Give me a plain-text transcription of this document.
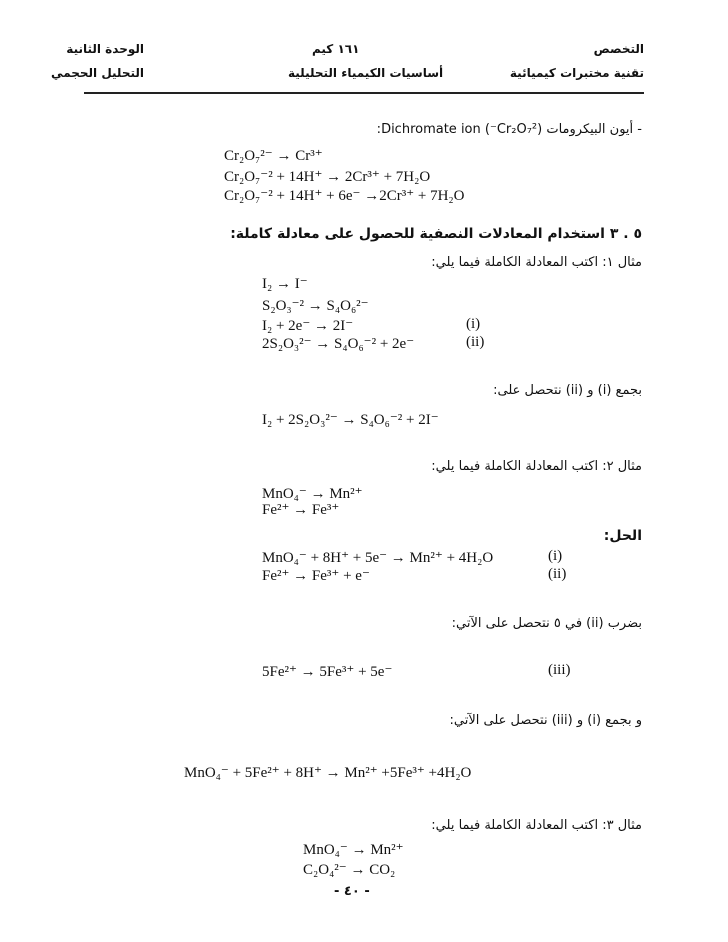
الوحدة الثانية	١٦١ كيم	التخصص
التحليل الحجمي	أساسيات الكيمياء التحليلية	تقنية مختبرات كيميائية
- أيون البيكرومات (Cr₂O₇²⁻) Dichromate ion:
Cr₂O₇²⁻ → Cr³⁺
Cr₂O₇⁻² + 14H⁺ → 2Cr³⁺ + 7H₂O
Cr₂O₇⁻² + 14H⁺ + 6e⁻ →2Cr³⁺ + 7H₂O
٥ . ٣ استخدام المعادلات النصفية للحصول على معادلة كاملة:
مثال ١: اكتب المعادلة الكاملة فيما يلي:
I₂ → I⁻
S₂O₃⁻² → S₄O₆²⁻
I₂ + 2e⁻ → 2I⁻	(i)
2S₂O₃²⁻ → S₄O₆⁻² + 2e⁻	(ii)
بجمع (i) و (ii) نتحصل على:
I₂ + 2S₂O₃²⁻ → S₄O₆⁻² + 2I⁻
مثال ٢: اكتب المعادلة الكاملة فيما يلي:
MnO₄⁻ → Mn²⁺
Fe²⁺ → Fe³⁺
الحل:
MnO₄⁻ + 8H⁺ + 5e⁻ → Mn²⁺ + 4H₂O	(i)
Fe²⁺ → Fe³⁺ + e⁻	(ii)
بضرب (ii) في ٥ نتحصل على الآتي:
5Fe²⁺ → 5Fe³⁺ + 5e⁻	(iii)
و بجمع (i) و (iii) نتحصل على الآتي:
MnO₄⁻ + 5Fe²⁺ + 8H⁺ → Mn²⁺ +5Fe³⁺ +4H₂O
مثال ٣: اكتب المعادلة الكاملة فيما يلي:
MnO₄⁻ → Mn²⁺
C₂O₄²⁻ → CO₂
- ٤٠ -
